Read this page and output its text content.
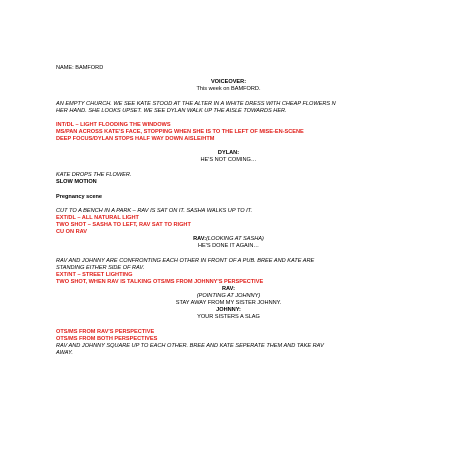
NAME: BAMFORD
VOICEOVER:
This week on BAMFORD.
AN EMPTY CHURCH. WE SEE KATE STOOD AT THE ALTER IN A WHITE DRESS WITH CHEAP FLOWERS N
HER HAND. SHE LOOKS UPSET. WE SEE DYLAN WALK UP THE AISLE TOWARDS HER.
INT/DL – LIGHT FLOODING THE WINDOWS
MS/PAN ACROSS KATE'S FACE, STOPPING WHEN SHE IS TO THE LEFT OF MISE-EN-SCENE
DEEP FOCUS/DYLAN STOPS HALF WAY DOWN AISLE/HTM
DYLAN:
HE'S NOT COMING…
KATE DROPS THE FLOWER.
SLOW MOTION
Pregnancy scene
CUT TO A BENCH IN A PARK – RAV IS SAT ON IT. SASHA WALKS UP TO IT.
EXT/DL – ALL NATURAL LIGHT
TWO SHOT – SASHA TO LEFT, RAV SAT TO RIGHT
CU ON RAV
RAV:(LOOKING AT SASHA)
HE'S DONE IT AGAIN…
RAV AND JOHNNY ARE CONFRONTING EACH OTHER IN FRONT OF A PUB. BREE AND KATE ARE
STANDING EITHER SIDE OF RAV.
EXT/NT – STREET LIGHTING
TWO SHOT, WHEN RAV IS TALKING OTS/MS FROM JOHNNY'S PERSPECTIVE
RAV:
(POINTING AT JOHNNY)
STAY AWAY FROM MY SISTER JOHNNY.
JOHNNY:
YOUR SISTERS A SLAG
OTS/MS FROM RAV'S PERSPECTIVE
OTS/MS FROM BOTH PERSPECTIVES
RAV AND JOHNNY SQUARE UP TO EACH OTHER. BREE AND KATE SEPERATE THEM AND TAKE RAV
AWAY.
